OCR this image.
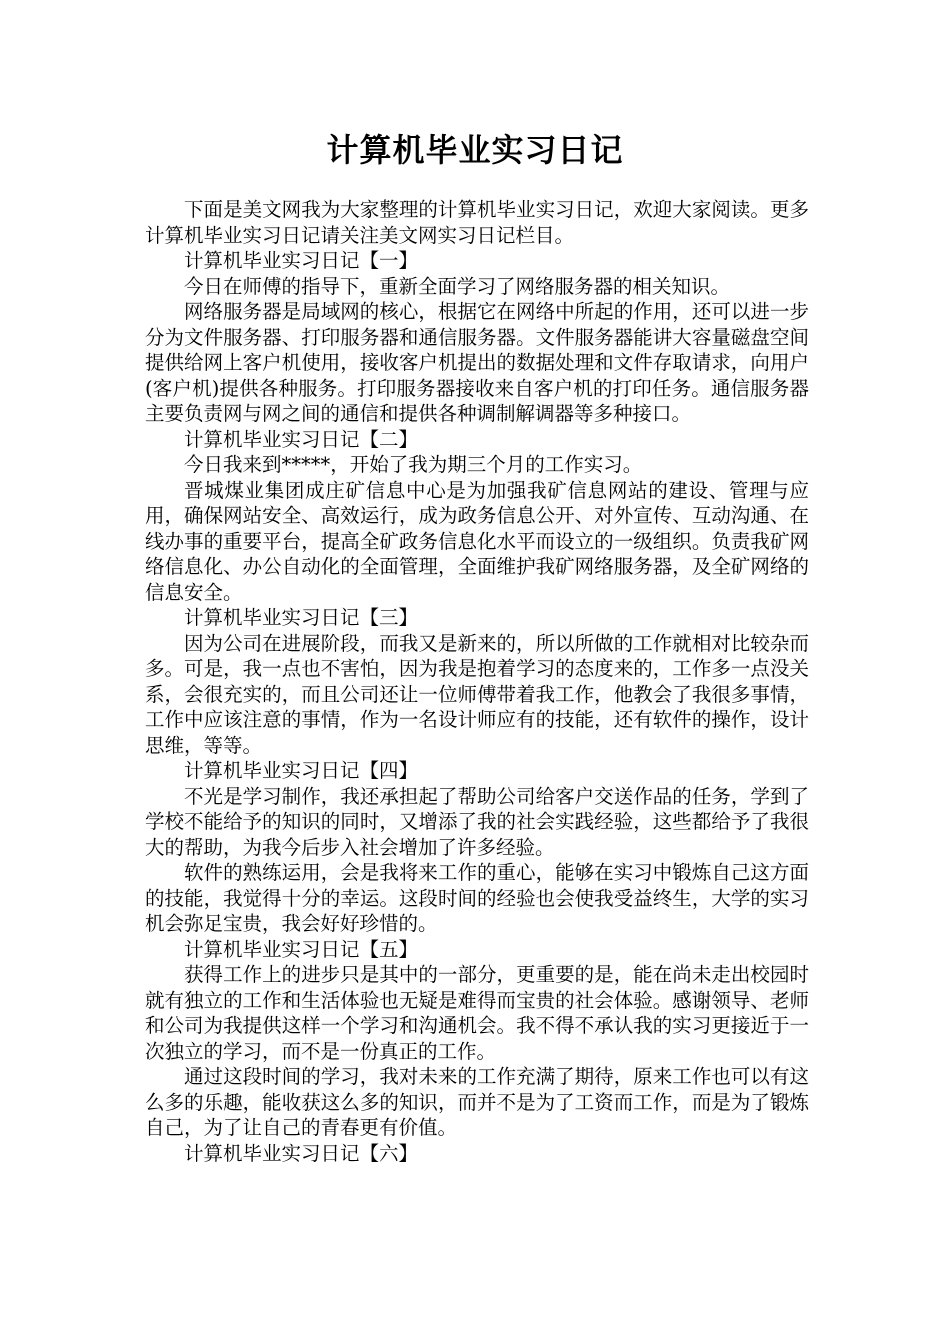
计算机毕业实习日记

下面是美文网我为大家整理的计算机毕业实习日记，欢迎大家阅读。更多计算机毕业实习日记请关注美文网实习日记栏目。

计算机毕业实习日记【一】

今日在师傅的指导下，重新全面学习了网络服务器的相关知识。

网络服务器是局域网的核心，根据它在网络中所起的作用，还可以进一步分为文件服务器、打印服务器和通信服务器。文件服务器能讲大容量磁盘空间提供给网上客户机使用，接收客户机提出的数据处理和文件存取请求，向用户(客户机)提供各种服务。打印服务器接收来自客户机的打印任务。通信服务器主要负责网与网之间的通信和提供各种调制解调器等多种接口。

计算机毕业实习日记【二】

今日我来到*****，开始了我为期三个月的工作实习。

晋城煤业集团成庄矿信息中心是为加强我矿信息网站的建设、管理与应用，确保网站安全、高效运行，成为政务信息公开、对外宣传、互动沟通、在线办事的重要平台，提高全矿政务信息化水平而设立的一级组织。负责我矿网络信息化、办公自动化的全面管理，全面维护我矿网络服务器，及全矿网络的信息安全。

计算机毕业实习日记【三】

因为公司在进展阶段，而我又是新来的，所以所做的工作就相对比较杂而多。可是，我一点也不害怕，因为我是抱着学习的态度来的，工作多一点没关系，会很充实的，而且公司还让一位师傅带着我工作，他教会了我很多事情，工作中应该注意的事情，作为一名设计师应有的技能，还有软件的操作，设计思维，等等。

计算机毕业实习日记【四】

不光是学习制作，我还承担起了帮助公司给客户交送作品的任务，学到了学校不能给予的知识的同时，又增添了我的社会实践经验，这些都给予了我很大的帮助，为我今后步入社会增加了许多经验。

软件的熟练运用，会是我将来工作的重心，能够在实习中锻炼自己这方面的技能，我觉得十分的幸运。这段时间的经验也会使我受益终生，大学的实习机会弥足宝贵，我会好好珍惜的。

计算机毕业实习日记【五】

获得工作上的进步只是其中的一部分，更重要的是，能在尚未走出校园时就有独立的工作和生活体验也无疑是难得而宝贵的社会体验。感谢领导、老师和公司为我提供这样一个学习和沟通机会。我不得不承认我的实习更接近于一次独立的学习，而不是一份真正的工作。

通过这段时间的学习，我对未来的工作充满了期待，原来工作也可以有这么多的乐趣，能收获这么多的知识，而并不是为了工资而工作，而是为了锻炼自己，为了让自己的青春更有价值。

计算机毕业实习日记【六】
